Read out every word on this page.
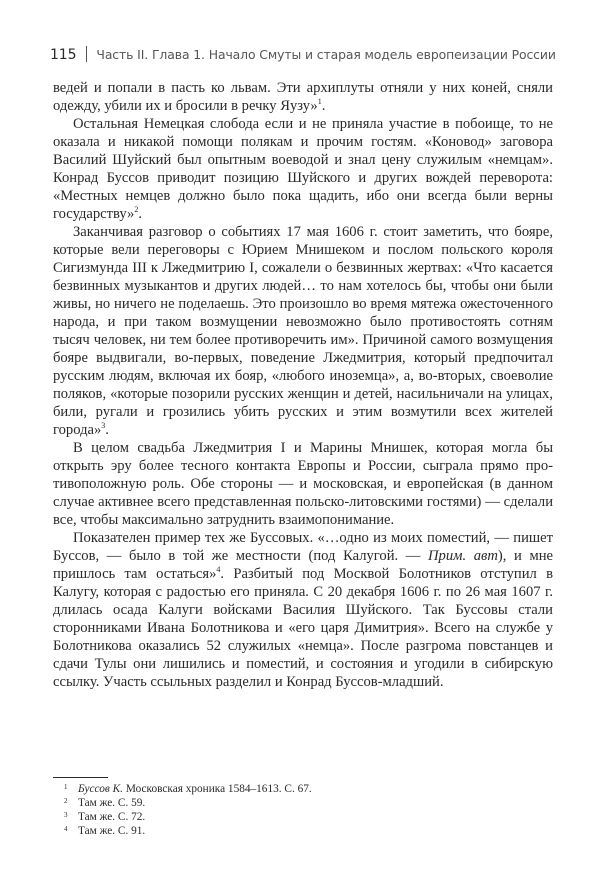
115 Часть II. Глава 1. Начало Смуты и старая модель европеизации России

ведей и попали в пасть ко львам. Эти архиплуты отняли у них коней, сняли одежду, убили их и бросили в речку Яузу»$^1$.

Остальная Немецкая слобода если и не приняла участие в побоище, то не оказала и никакой помощи полякам и прочим гостям. «Коновод» заговора Василий Шуйский был опытным воеводой и знал цену служилым «немцам». Конрад Буссов приводит позицию Шуйского и других вождей переворота: «Местных немцев должно было пока щадить, ибо они всегда были верны государству»$^2$.

Заканчивая разговор о событиях 17 мая 1606 г. стоит заметить, что бояре, которые вели переговоры с Юрием Мнишеком и послом польского короля Сигизмунда III к Лжедмитрию I, сожалели о безвинных жертвах: «Что касается безвинных музыкантов и других людей… то нам хотелось бы, чтобы они были живы, но ничего не поделаешь. Это произошло во время мятежа ожесточенного народа, и при таком возмущении невозможно было противостоять сотням тысяч человек, ни тем более противоречить им». Причиной самого возмущения бояре выдвигали, во-первых, поведение Лжедмитрия, который предпочитал русским людям, включая их бояр, «любого иноземца», а, во-вторых, своеволие поляков, «которые позорили русских женщин и детей, насильничали на улицах, били, ругали и грозились убить русских и этим возмутили всех жителей города»$^3$.

В целом свадьба Лжедмитрия I и Марины Мнишек, которая могла бы открыть эру более тесного контакта Европы и России, сыграла прямо противоположную роль. Обе стороны — и московская, и европейская (в данном случае активнее всего представленная польско-литовскими гостями) — сделали все, чтобы максимально затруднить взаимопонимание.

Показателен пример тех же Буссовых. «…одно из моих поместий, — пишет Буссов, — было в той же местности (под Калугой. — Прим. авт), и мне пришлось там остаться»$^4$. Разбитый под Москвой Болотников отступил в Калугу, которая с радостью его приняла. С 20 декабря 1606 г. по 26 мая 1607 г. длилась осада Калуги войсками Василия Шуйского. Так Буссовы стали сторонниками Ивана Болотникова и «его царя Димитрия». Всего на службе у Болотникова оказались 52 служилых «немца». После разгрома повстанцев и сдачи Тулы они лишились и поместий, и состояния и угодили в сибирскую ссылку. Участь ссыльных разделил и Конрад Буссов-младший.

1 Буссов К. Московская хроника 1584–1613. С. 67.
2 Там же. С. 59.
3 Там же. С. 72.
4 Там же. С. 91.
